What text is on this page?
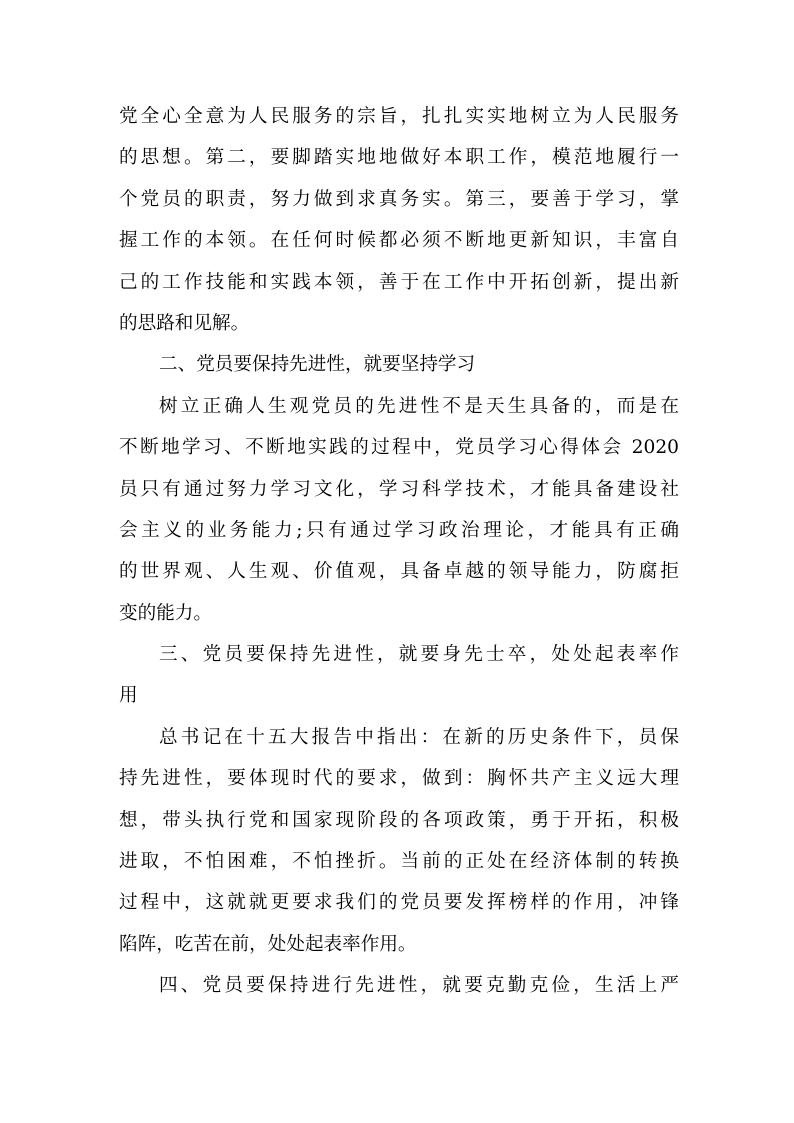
党全心全意为人民服务的宗旨，扎扎实实地树立为人民服务
的思想。第二，要脚踏实地地做好本职工作，模范地履行一
个党员的职责，努力做到求真务实。第三，要善于学习，掌
握工作的本领。在任何时候都必须不断地更新知识，丰富自
己的工作技能和实践本领，善于在工作中开拓创新，提出新
的思路和见解。
二、党员要保持先进性，就要坚持学习
树立正确人生观党员的先进性不是天生具备的，而是在
不断地学习、不断地实践的过程中，党员学习心得体会 2020
员只有通过努力学习文化，学习科学技术，才能具备建设社
会主义的业务能力;只有通过学习政治理论，才能具有正确
的世界观、人生观、价值观，具备卓越的领导能力，防腐拒
变的能力。
三、党员要保持先进性，就要身先士卒，处处起表率作
用
总书记在十五大报告中指出：在新的历史条件下，员保
持先进性，要体现时代的要求，做到：胸怀共产主义远大理
想，带头执行党和国家现阶段的各项政策，勇于开拓，积极
进取，不怕困难，不怕挫折。当前的正处在经济体制的转换
过程中，这就就更要求我们的党员要发挥榜样的作用，冲锋
陷阵，吃苦在前，处处起表率作用。
四、党员要保持进行先进性，就要克勤克俭，生活上严
